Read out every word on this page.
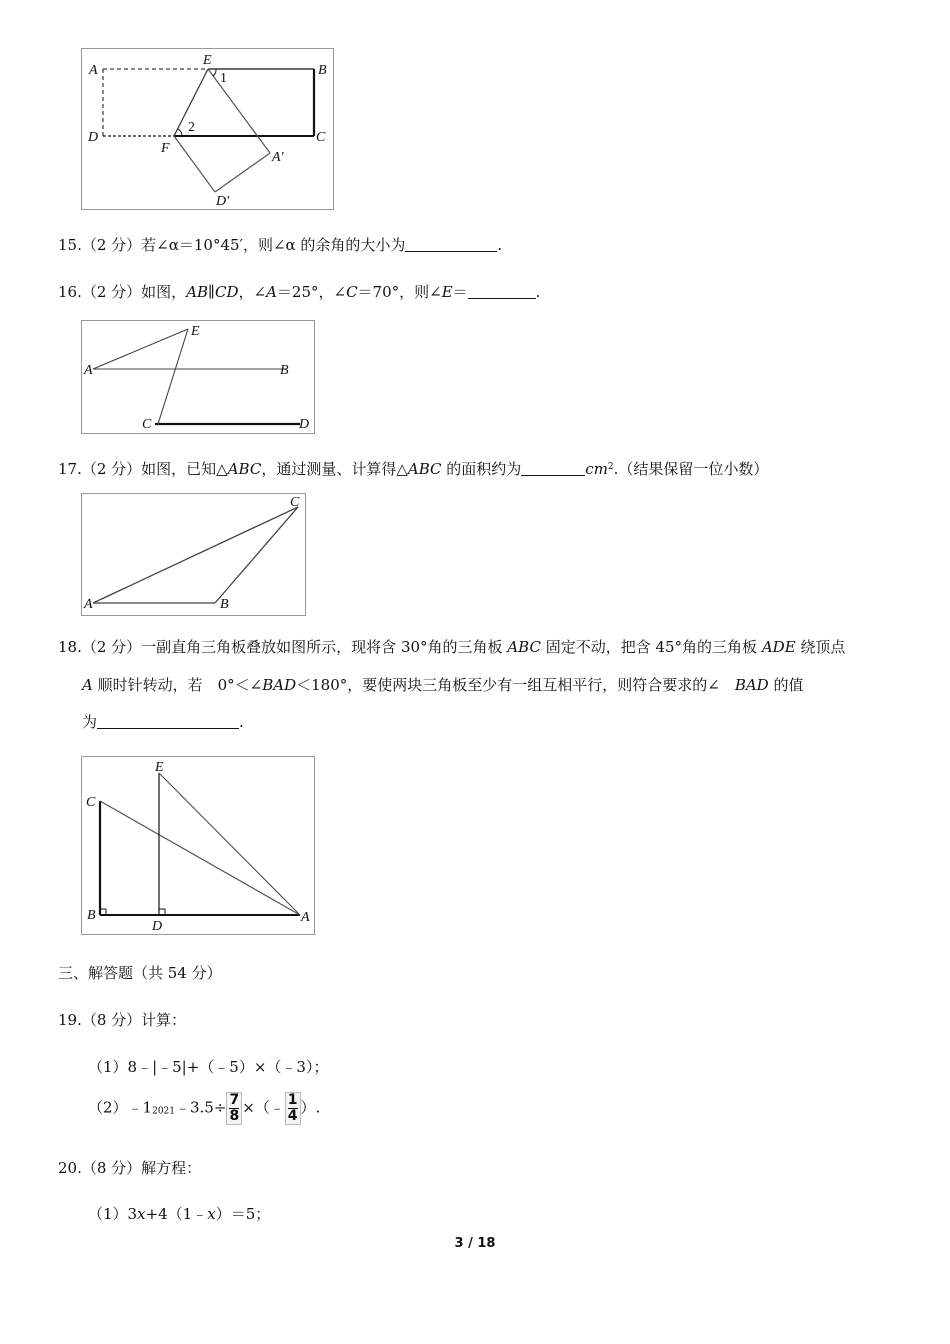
A
E
B
D	C
F
A′
D′
1
2
15.（2 分）若∠α＝10°45′，则∠α 的余角的大小为	.
16.（2 分）如图，AB∥CD，∠A＝25°，∠C＝70°，则∠E＝	.
A
E
B
C	D
17.（2 分）如图，已知△ABC，通过测量、计算得△ABC 的面积约为	$cm^2$.（结果保留一位小数）
A	B
C
18.（2 分）一副直角三角板叠放如图所示，现将含 30°角的三角板 ABC 固定不动，把含 45°角的三角板 ADE 绕顶点
A 顺时针转动，若　0°＜∠BAD＜180°，要使两块三角板至少有一组互相平行，则符合要求的∠　BAD 的值
为	.
C
E
B
D
A
三、解答题（共 54 分）
19.（8 分）计算：
（1）8﹣|﹣5|+（﹣5）×（﹣3）；
$(2)﹣1_{2021}﹣3.5\div \frac{7}{8}$ ×（﹣ $\frac{1}{4}$ ）.
20.（8 分）解方程：
（1）3x+4（1﹣x）＝5；
3 / 18
